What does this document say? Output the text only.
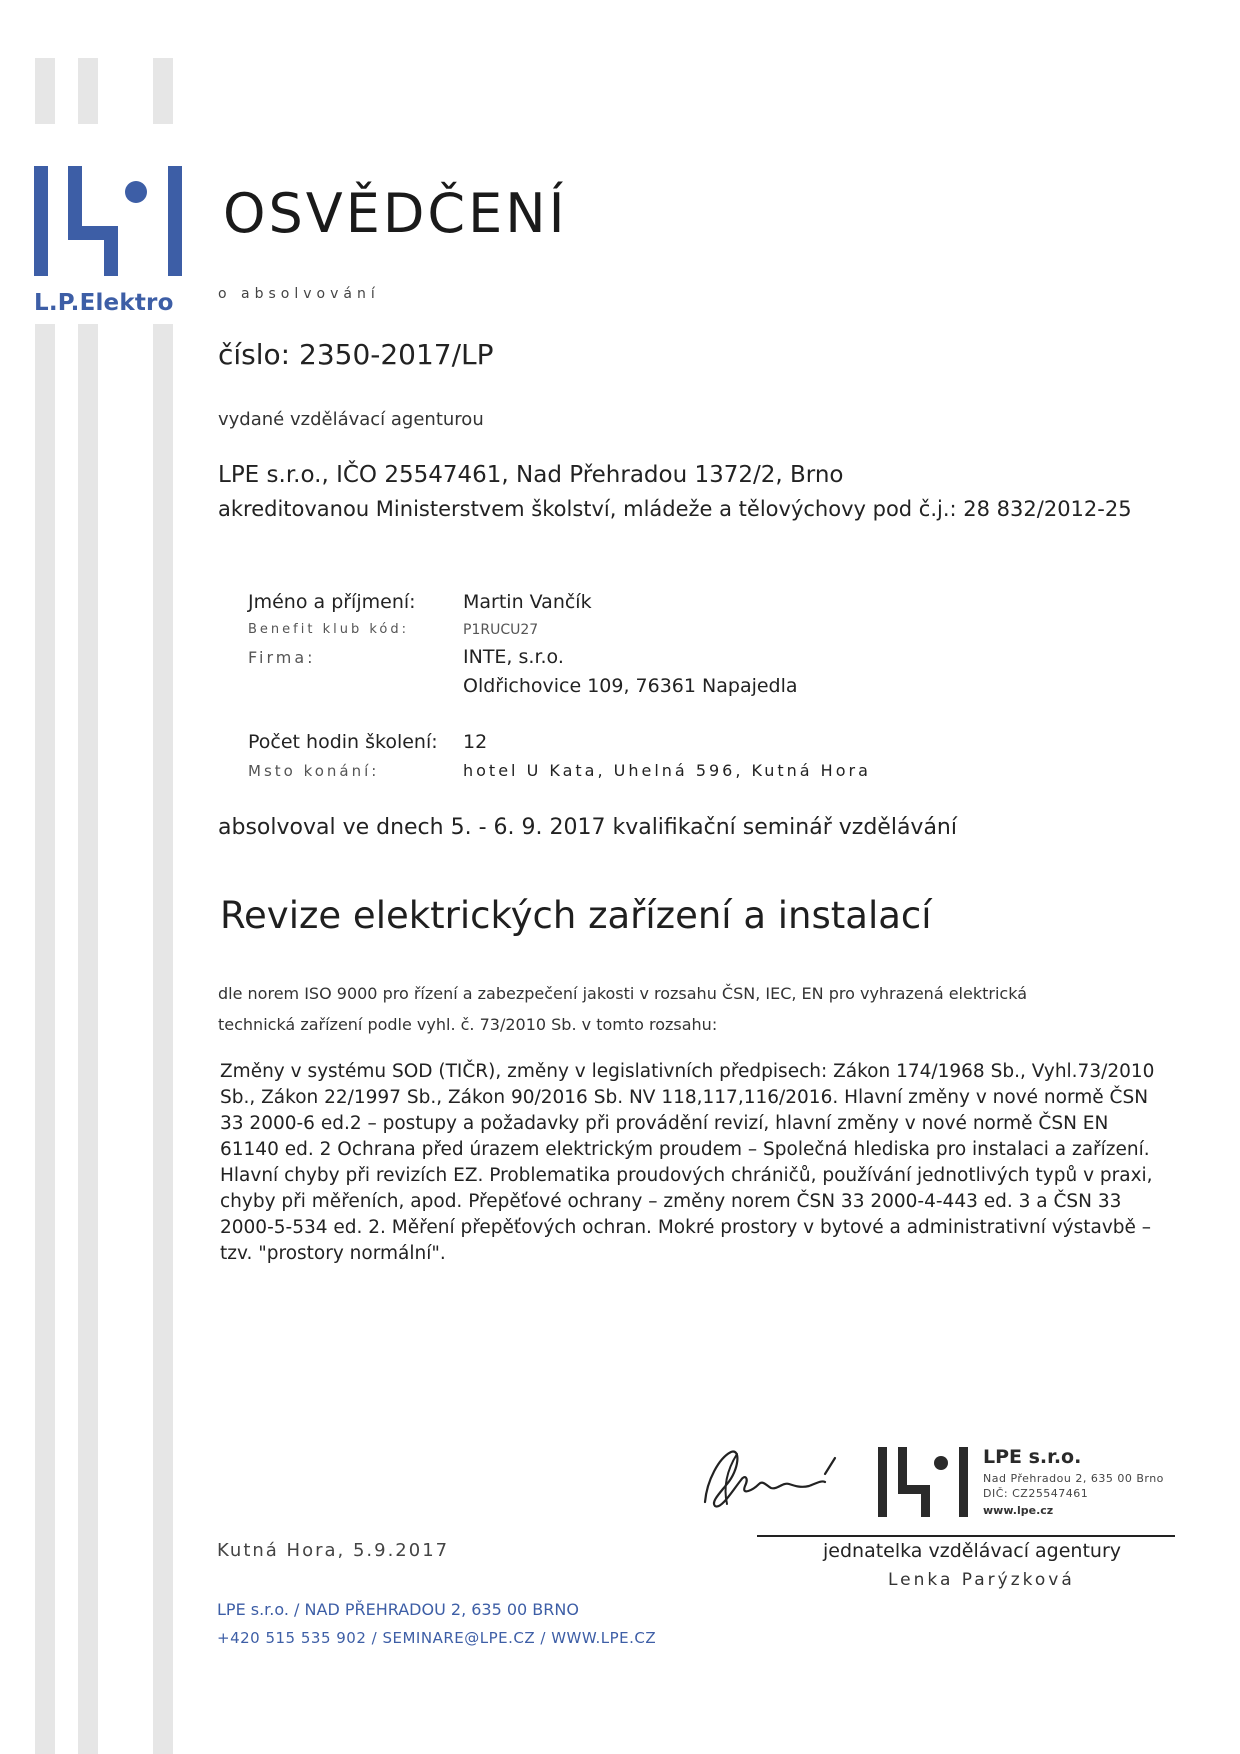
L.P.Elektro
OSVĚDČENÍ
o absolvování
číslo: 2350-2017/LP
vydané vzdělávací agenturou
LPE s.r.o., IČO 25547461, Nad Přehradou 1372/2, Brno
akreditovanou Ministerstvem školství, mládeže a tělovýchovy pod č.j.: 28 832/2012-25
Jméno a příjmení: Martin Vančík
Benefit klub kód:	P1RUCU27
Firma:	INTE, s.r.o.
Oldřichovice 109, 76361 Napajedla
Počet hodin školení: 12
Msto konání:	hotel U Kata, Uhelná 596, Kutná Hora
absolvoval ve dnech 5. - 6. 9. 2017 kvalifikační seminář vzdělávání
Revize elektrických zařízení a instalací
dle norem ISO 9000 pro řízení a zabezpečení jakosti v rozsahu ČSN, IEC, EN pro vyhrazená elektrická technická zařízení podle vyhl. č. 73/2010 Sb. v tomto rozsahu:
Změny v systému SOD (TIČR), změny v legislativních předpisech: Zákon 174/1968 Sb., Vyhl.73/2010 Sb., Zákon 22/1997 Sb., Zákon 90/2016 Sb. NV 118,117,116/2016. Hlavní změny v nové normě ČSN 33 2000-6 ed.2 – postupy a požadavky při provádění revizí, hlavní změny v nové normě ČSN EN 61140 ed. 2 Ochrana před úrazem elektrickým proudem – Společná hlediska pro instalaci a zařízení. Hlavní chyby při revizích EZ. Problematika proudových chráničů, používání jednotlivých typů v praxi, chyby při měřeních, apod. Přepěťové ochrany – změny norem ČSN 33 2000-4-443 ed. 3 a ČSN 33 2000-5-534 ed. 2. Měření přepěťových ochran. Mokré prostory v bytové a administrativní výstavbě – tzv. "prostory normální".
LPE s.r.o.
Nad Přehradou 2, 635 00 Brno
DIČ: CZ25547461
www.lpe.cz
jednatelka vzdělávací agentury
Lenka Parýzková
Kutná Hora, 5.9.2017
LPE s.r.o. / NAD PŘEHRADOU 2, 635 00 BRNO
+420 515 535 902 / SEMINARE@LPE.CZ / WWW.LPE.CZ
